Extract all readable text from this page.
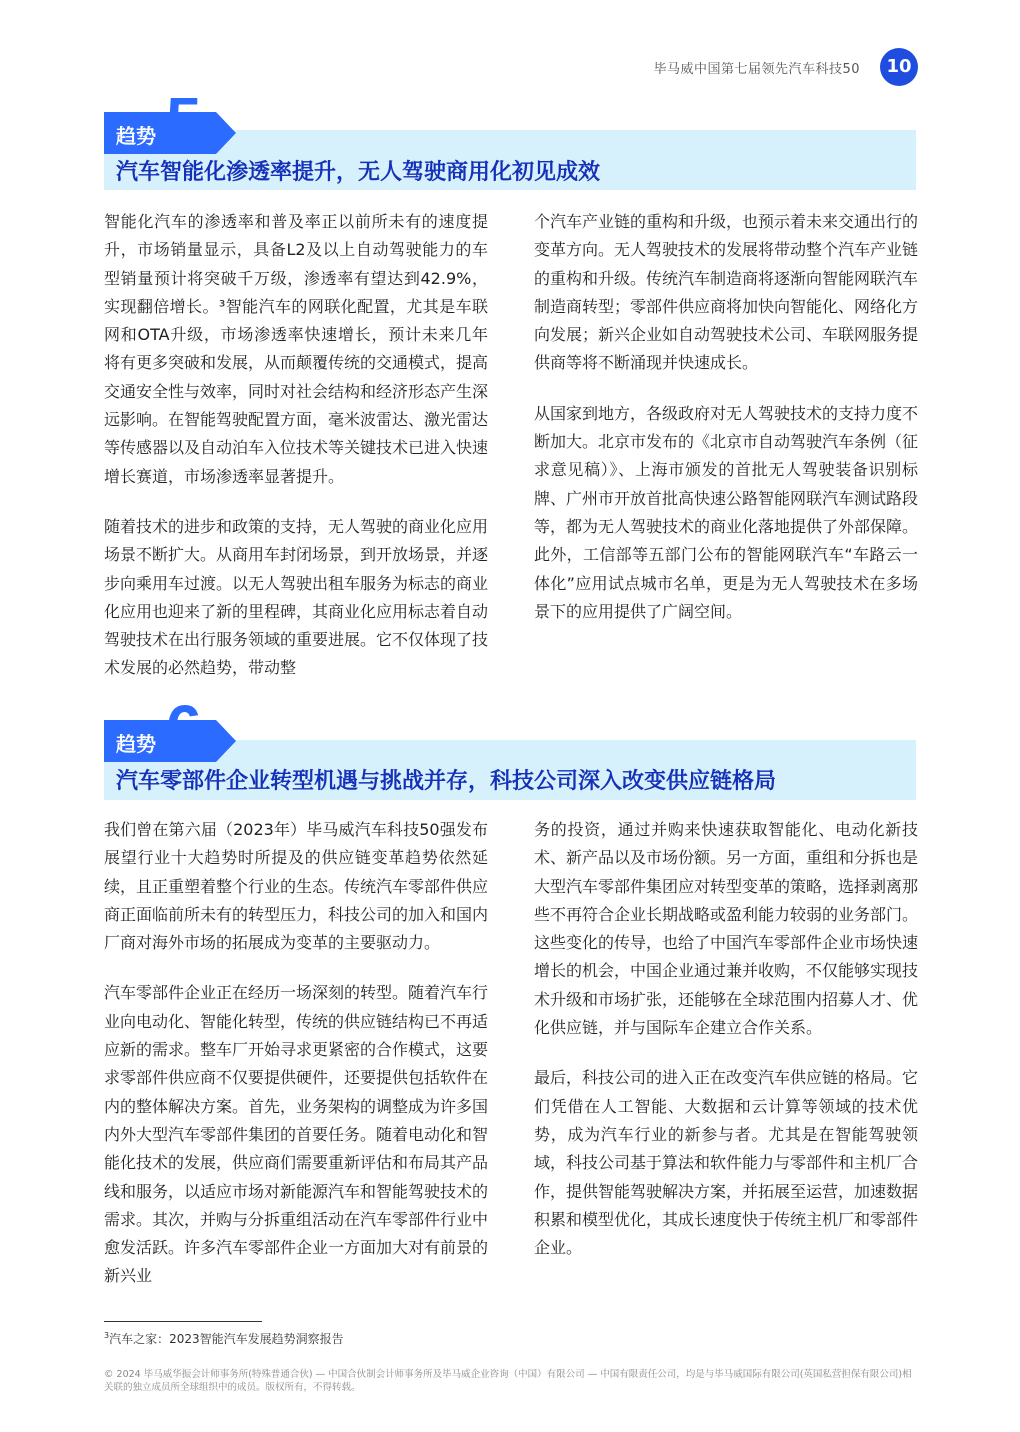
毕马威中国第七届领先汽车科技50	10
趋势 5
汽车智能化渗透率提升，无人驾驶商用化初见成效

智能化汽车的渗透率和普及率正以前所未有的速度提升，市场销量显示，具备L2及以上自动驾驶能力的车型销量预计将突破千万级，渗透率有望达到42.9%，实现翻倍增长。³智能汽车的网联化配置，尤其是车联网和OTA升级，市场渗透率快速增长，预计未来几年将有更多突破和发展，从而颠覆传统的交通模式，提高交通安全性与效率，同时对社会结构和经济形态产生深远影响。在智能驾驶配置方面，毫米波雷达、激光雷达等传感器以及自动泊车入位技术等关键技术已进入快速增长赛道，市场渗透率显著提升。

随着技术的进步和政策的支持，无人驾驶的商业化应用场景不断扩大。从商用车封闭场景，到开放场景，并逐步向乘用车过渡。以无人驾驶出租车服务为标志的商业化应用也迎来了新的里程碑，其商业化应用标志着自动驾驶技术在出行服务领域的重要进展。它不仅体现了技术发展的必然趋势，带动整

个汽车产业链的重构和升级，也预示着未来交通出行的变革方向。无人驾驶技术的发展将带动整个汽车产业链的重构和升级。传统汽车制造商将逐渐向智能网联汽车制造商转型；零部件供应商将加快向智能化、网络化方向发展；新兴企业如自动驾驶技术公司、车联网服务提供商等将不断涌现并快速成长。

从国家到地方，各级政府对无人驾驶技术的支持力度不断加大。北京市发布的《北京市自动驾驶汽车条例（征求意见稿）》、上海市颁发的首批无人驾驶装备识别标牌、广州市开放首批高快速公路智能网联汽车测试路段等，都为无人驾驶技术的商业化落地提供了外部保障。此外，工信部等五部门公布的智能网联汽车“车路云一体化”应用试点城市名单，更是为无人驾驶技术在多场景下的应用提供了广阔空间。

趋势 6
汽车零部件企业转型机遇与挑战并存，科技公司深入改变供应链格局

我们曾在第六届（2023年）毕马威汽车科技50强发布展望行业十大趋势时所提及的供应链变革趋势依然延续，且正重塑着整个行业的生态。传统汽车零部件供应商正面临前所未有的转型压力，科技公司的加入和国内厂商对海外市场的拓展成为变革的主要驱动力。

汽车零部件企业正在经历一场深刻的转型。随着汽车行业向电动化、智能化转型，传统的供应链结构已不再适应新的需求。整车厂开始寻求更紧密的合作模式，这要求零部件供应商不仅要提供硬件，还要提供包括软件在内的整体解决方案。首先，业务架构的调整成为许多国内外大型汽车零部件集团的首要任务。随着电动化和智能化技术的发展，供应商们需要重新评估和布局其产品线和服务，以适应市场对新能源汽车和智能驾驶技术的需求。其次，并购与分拆重组活动在汽车零部件行业中愈发活跃。许多汽车零部件企业一方面加大对有前景的新兴业

务的投资，通过并购来快速获取智能化、电动化新技术、新产品以及市场份额。另一方面，重组和分拆也是大型汽车零部件集团应对转型变革的策略，选择剥离那些不再符合企业长期战略或盈利能力较弱的业务部门。这些变化的传导，也给了中国汽车零部件企业市场快速增长的机会，中国企业通过兼并收购，不仅能够实现技术升级和市场扩张，还能够在全球范围内招募人才、优化供应链，并与国际车企建立合作关系。

最后，科技公司的进入正在改变汽车供应链的格局。它们凭借在人工智能、大数据和云计算等领域的技术优势，成为汽车行业的新参与者。尤其是在智能驾驶领域，科技公司基于算法和软件能力与零部件和主机厂合作，提供智能驾驶解决方案，并拓展至运营，加速数据积累和模型优化，其成长速度快于传统主机厂和零部件企业。

$^3$汽车之家：2023智能汽车发展趋势洞察报告
© 2024 毕马威华振会计师事务所(特殊普通合伙) — 中国合伙制会计师事务所及毕马威企业咨询（中国）有限公司 — 中国有限责任公司，均是与毕马威国际有限公司(英国私营担保有限公司)相关联的独立成员所全球组织中的成员。版权所有，不得转载。
